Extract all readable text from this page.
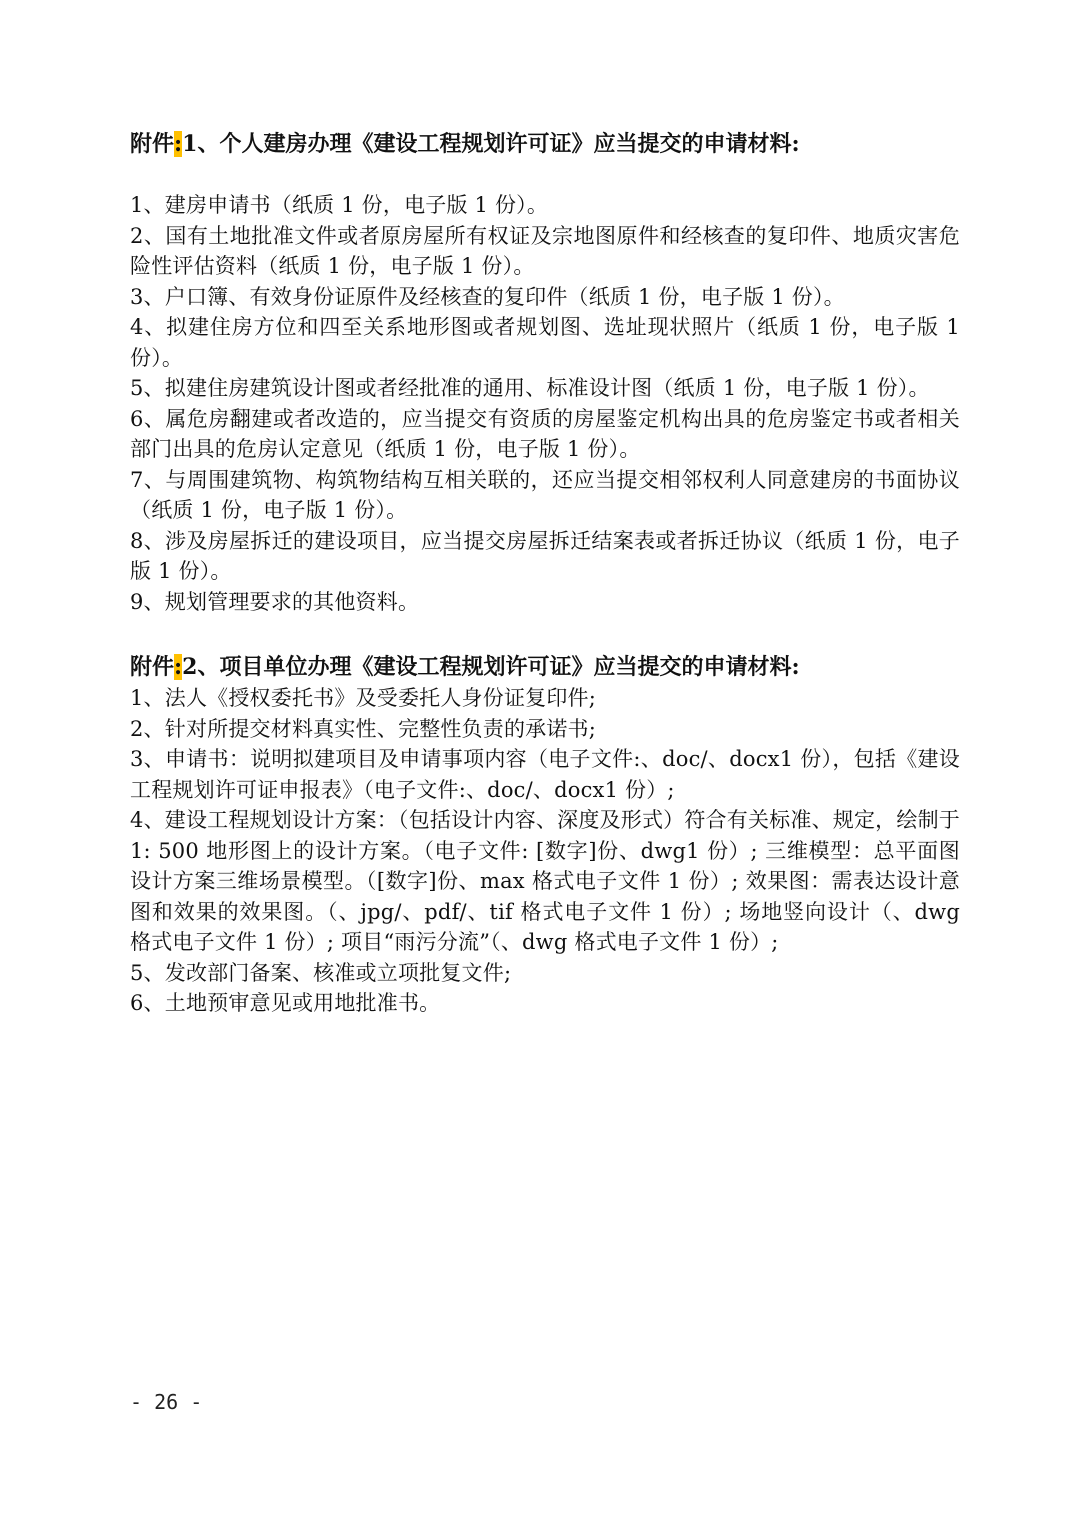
附件:1、个人建房办理《建设工程规划许可证》应当提交的申请材料:

1、建房申请书（纸质 1 份，电子版 1 份）。
2、国有土地批准文件或者原房屋所有权证及宗地图原件和经核查的复印件、地质灾害危险性评估资料（纸质 1 份，电子版 1 份）。
3、户口簿、有效身份证原件及经核查的复印件（纸质 1 份，电子版 1 份）。
4、拟建住房方位和四至关系地形图或者规划图、选址现状照片（纸质 1 份，电子版 1 份）。
5、拟建住房建筑设计图或者经批准的通用、标准设计图（纸质 1 份，电子版 1 份）。
6、属危房翻建或者改造的，应当提交有资质的房屋鉴定机构出具的危房鉴定书或者相关部门出具的危房认定意见（纸质 1 份，电子版 1 份）。
7、与周围建筑物、构筑物结构互相关联的，还应当提交相邻权利人同意建房的书面协议（纸质 1 份，电子版 1 份）。
8、涉及房屋拆迁的建设项目，应当提交房屋拆迁结案表或者拆迁协议（纸质 1 份，电子版 1 份）。
9、规划管理要求的其他资料。

附件:2、项目单位办理《建设工程规划许可证》应当提交的申请材料:

1、法人《授权委托书》及受委托人身份证复印件;
2、针对所提交材料真实性、完整性负责的承诺书;
3、申请书：说明拟建项目及申请事项内容（电子文件:、doc/、docx1 份），包括《建设工程规划许可证申报表》（电子文件:、doc/、docx1 份）;
4、建设工程规划设计方案：（包括设计内容、深度及形式）符合有关标准、规定，绘制于 1: 500 地形图上的设计方案。（电子文件: [数字]份、dwg1 份）; 三维模型：总平面图设计方案三维场景模型。（[数字]份、max 格式电子文件 1 份）; 效果图：需表达设计意图和效果的效果图。（、jpg/、pdf/、tif 格式电子文件 1 份）; 场地竖向设计（、dwg 格式电子文件 1 份）; 项目“雨污分流”（、dwg 格式电子文件 1 份）;
5、发改部门备案、核准或立项批复文件;
6、土地预审意见或用地批准书。
- 26 -
